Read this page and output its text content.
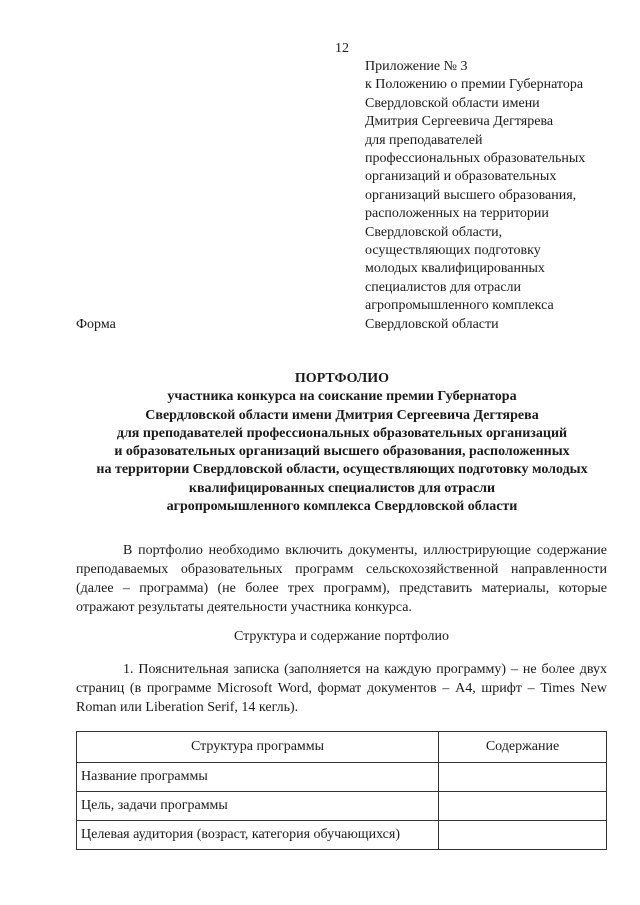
12
Приложение № 3
к Положению о премии Губернатора
Свердловской области имени
Дмитрия Сергеевича Дегтярева
для преподавателей
профессиональных образовательных
организаций и образовательных
организаций высшего образования,
расположенных на территории
Свердловской области,
осуществляющих подготовку
молодых квалифицированных
специалистов для отрасли
агропромышленного комплекса
Свердловской области
Форма
ПОРТФОЛИО
участника конкурса на соискание премии Губернатора
Свердловской области имени Дмитрия Сергеевича Дегтярева
для преподавателей профессиональных образовательных организаций
и образовательных организаций высшего образования, расположенных
на территории Свердловской области, осуществляющих подготовку молодых
квалифицированных специалистов для отрасли
агропромышленного комплекса Свердловской области
В портфолио необходимо включить документы, иллюстрирующие содержание преподаваемых образовательных программ сельскохозяйственной направленности (далее – программа) (не более трех программ), представить материалы, которые отражают результаты деятельности участника конкурса.
Структура и содержание портфолио
1. Пояснительная записка (заполняется на каждую программу) – не более двух страниц (в программе Microsoft Word, формат документов – А4, шрифт – Times New Roman или Liberation Serif, 14 кегль).
Структура программы	Содержание
Название программы	
Цель, задачи программы	
Целевая аудитория (возраст, категория обучающихся)	
